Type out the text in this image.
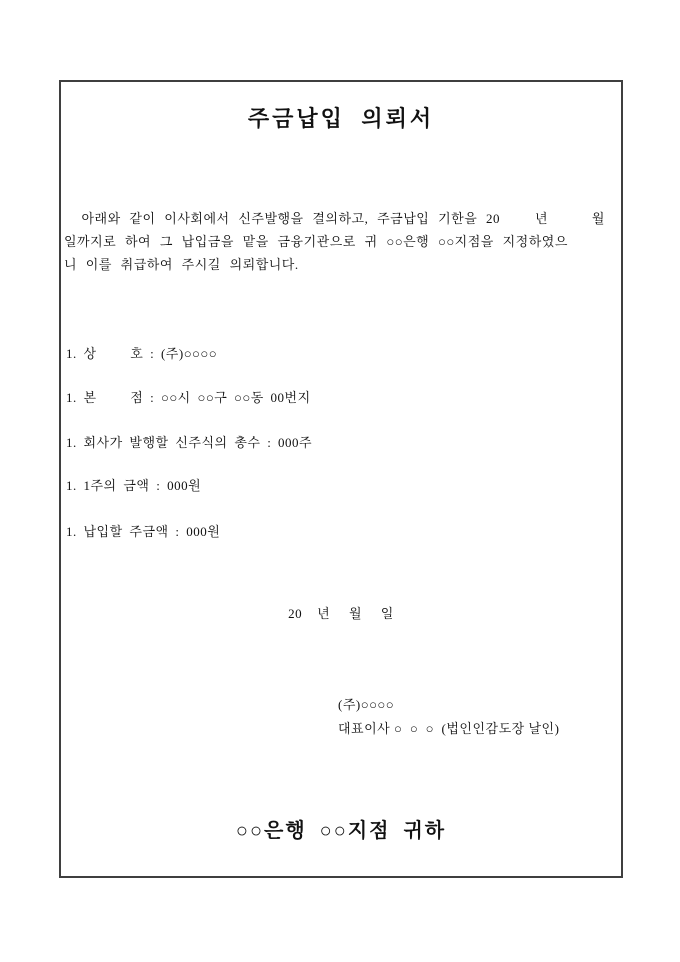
주금납입 의뢰서
아래와 같이 이사회에서 신주발행을 결의하고, 주금납입 기한을 20    년     월
일까지로 하여 그 납입금을 맡을 금융기관으로 귀 ○○은행 ○○지점을 지정하였으
니 이를 취급하여 주시길 의뢰합니다.
1. 상     호 : (주)○○○○
1. 본     점 : ○○시 ○○구 ○○동 00번지
1. 회사가 발행할 신주식의 총수 : 000주
1. 1주의 금액 : 000원
1. 납입할 주금액 : 000원
20    년     월     일
(주)○○○○
대표이사 ○  ○  ○  (법인인감도장 날인)
○○은행 ○○지점 귀하
